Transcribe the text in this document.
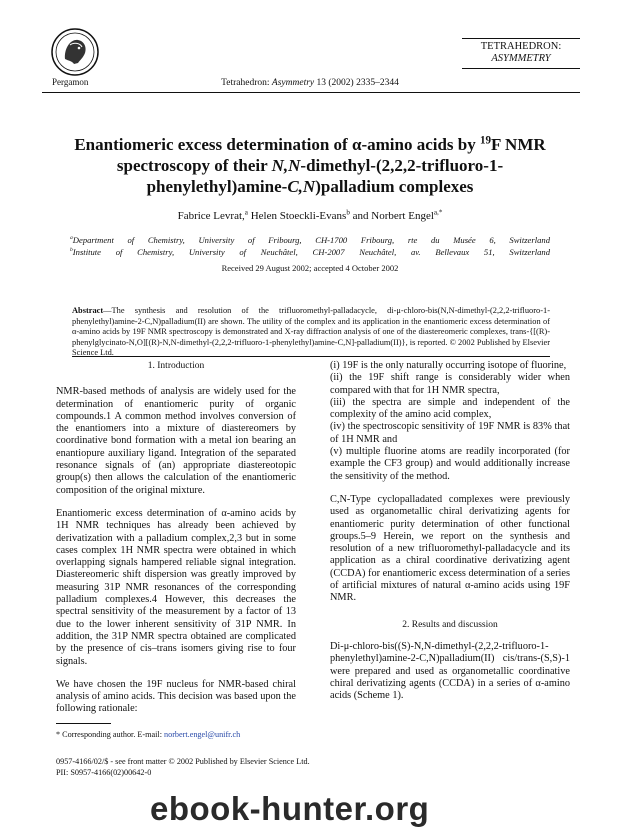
Pergamon	Tetrahedron: Asymmetry 13 (2002) 2335–2344
TETRAHEDRON:
ASYMMETRY
Enantiomeric excess determination of α-amino acids by $^{19}$F NMR spectroscopy of their N,N-dimethyl-(2,2,2-trifluoro-1-phenylethyl)amine-C,N)palladium complexes
Fabrice Levrat,$^a$ Helen Stoeckli-Evans$^b$ and Norbert Engel$^{a,*}$
$^a$Department of Chemistry, University of Fribourg, CH-1700 Fribourg, rte du Musée 6, Switzerland
$^b$Institute of Chemistry, University of Neuchâtel, CH-2007 Neuchâtel, av. Bellevaux 51, Switzerland
Received 29 August 2002; accepted 4 October 2002
Abstract—The synthesis and resolution of the trifluoromethyl-palladacycle, di-μ-chloro-bis(N,N-dimethyl-(2,2,2-trifluoro-1-phenylethyl)amine-2-C,N)palladium(II) are shown. The utility of the complex and its application in the enantiomeric excess determination of α-amino acids by 19F NMR spectroscopy is demonstrated and X-ray diffraction analysis of one of the diastereomeric complexes, trans-{[(R)-phenylglycinato-N,O][(R)-N,N-dimethyl-(2,2,2-trifluoro-1-phenylethyl)amine-C,N]-palladium(II)}, is reported. © 2002 Published by Elsevier Science Ltd.

1. Introduction

NMR-based methods of analysis are widely used for the determination of enantiomeric purity of organic compounds.1 A common method involves conversion of the enantiomers into a mixture of diastereomers by coordinative bond formation with a metal ion bearing an enantiopure auxiliary ligand. Integration of the separated resonance signals of (an) appropriate diastereotopic group(s) then allows the calculation of the enantiomeric composition of the original mixture.

Enantiomeric excess determination of α-amino acids by 1H NMR techniques has already been achieved by derivatization with a palladium complex,2,3 but in some cases complex 1H NMR spectra were obtained in which overlapping signals hampered reliable signal integration. Diastereomeric shift dispersion was greatly improved by measuring 31P NMR resonances of the corresponding palladium complexes.4 However, this decreases the spectral sensitivity of the measurement by a factor of 13 due to the lower inherent sensitivity of 31P NMR. In addition, the 31P NMR spectra obtained are complicated by the presence of cis–trans isomers giving rise to four signals.

We have chosen the 19F nucleus for NMR-based chiral analysis of amino acids. This decision was based upon the following rationale:

(i) 19F is the only naturally occurring isotope of fluorine,

(ii) the 19F shift range is considerably wider when compared with that for 1H NMR spectra,

(iii) the spectra are simple and independent of the complexity of the amino acid complex,

(iv) the spectroscopic sensitivity of 19F NMR is 83% that of 1H NMR and

(v) multiple fluorine atoms are readily incorporated (for example the CF3 group) and would additionally increase the sensitivity of the method.

C,N-Type cyclopalladated complexes were previously used as organometallic chiral derivatizing agents for enantiomeric purity determination of other functional groups.5–9 Herein, we report on the synthesis and resolution of a new trifluoromethyl-palladacycle and its application as a chiral coordinative derivatizing agent (CCDA) for enantiomeric excess determination of a series of artificial mixtures of natural α-amino acids using 19F NMR.

2. Results and discussion

Di-μ-chloro-bis((S)-N,N-dimethyl-(2,2,2-trifluoro-1-phenylethyl)amine-2-C,N)palladium(II) cis/trans-(S,S)-1 were prepared and used as organometallic coordinative chiral derivatizing agents (CCDA) in a series of α-amino acids (Scheme 1).

* Corresponding author. E-mail: norbert.engel@unifr.ch
0957-4166/02/$ - see front matter © 2002 Published by Elsevier Science Ltd.
PII: S0957-4166(02)00642-0
ebook-hunter.org
